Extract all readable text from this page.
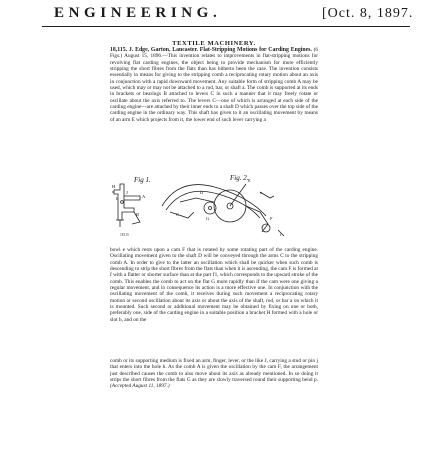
ENGINEERING.	[Oct. 8, 1897.
TEXTILE MACHINERY.

18,115. J. Edge, Garton, Lancaster. Flat-Stripping Motions for Carding Engines. (6 Figs.) August 15, 1896.—This invention relates to improvements in flat-stripping motions for revolving flat carding engines, the object being to provide mechanism for more efficiently stripping the short fibres from the flats than has hitherto been the case. The invention consists essentially in means for giving to the stripping comb a reciprocating rotary motion about an axis in conjunction with a rapid downward movement. Any suitable form of stripping comb A may be used, which may or may not be attached to a rod, bar, or shaft a. The comb is supported at its ends in brackets or bearings B attached to levers C in such a manner that it may freely rotate or oscillate about the axis referred to. The levers C—one of which is arranged at each side of the carding engine—are attached by their inner ends to a shaft D which passes over the top side of the carding engine in the ordinary way. This shaft has given to it an oscillating movement by means of an arm E which projects from it, the lower end of such lever carrying a

Fig 1.
18115
Fig. 2.
A
B	C
D
E
F
G
H
J	e
f
h

bowl e which rests upon a cam F that is rotated by some rotating part of the carding engine. Oscillating movement given to the shaft D will be conveyed through the arms C to the stripping comb A. In order to give to the latter an oscillation which shall be quicker when such comb is descending to strip the short fibres from the flats than when it is ascending, the cam F is formed at f with a flatter or shorter surface than at the part f1, which corresponds to the upward stroke of the comb. This enables the comb to act on the flat G more rapidly than if the cam were one giving a regular movement, and in consequence its action is a more effective one. In conjunction with the oscillating movement of the comb, it receives during such movement a reciprocating rotary motion or second oscillation about its axis or about the axis of the shaft, rod, or bar a on which it is mounted. Such second or additional movement may be obtained by fixing on one or both, preferably one, side of the carding engine in a suitable position a bracket H formed with a hole or slot h, and on the

comb or its supporting medium is fixed an arm, finger, lever, or the like J, carrying a stud or pin j that enters into the hole h. As the comb A is given the oscillation by the cam F, the arrangement just described causes the comb to also move about its axis as already mentioned. In so doing it strips the short fibres from the flats G as they are slowly traversed round their supporting bend p. (Accepted August 11, 1897.)
